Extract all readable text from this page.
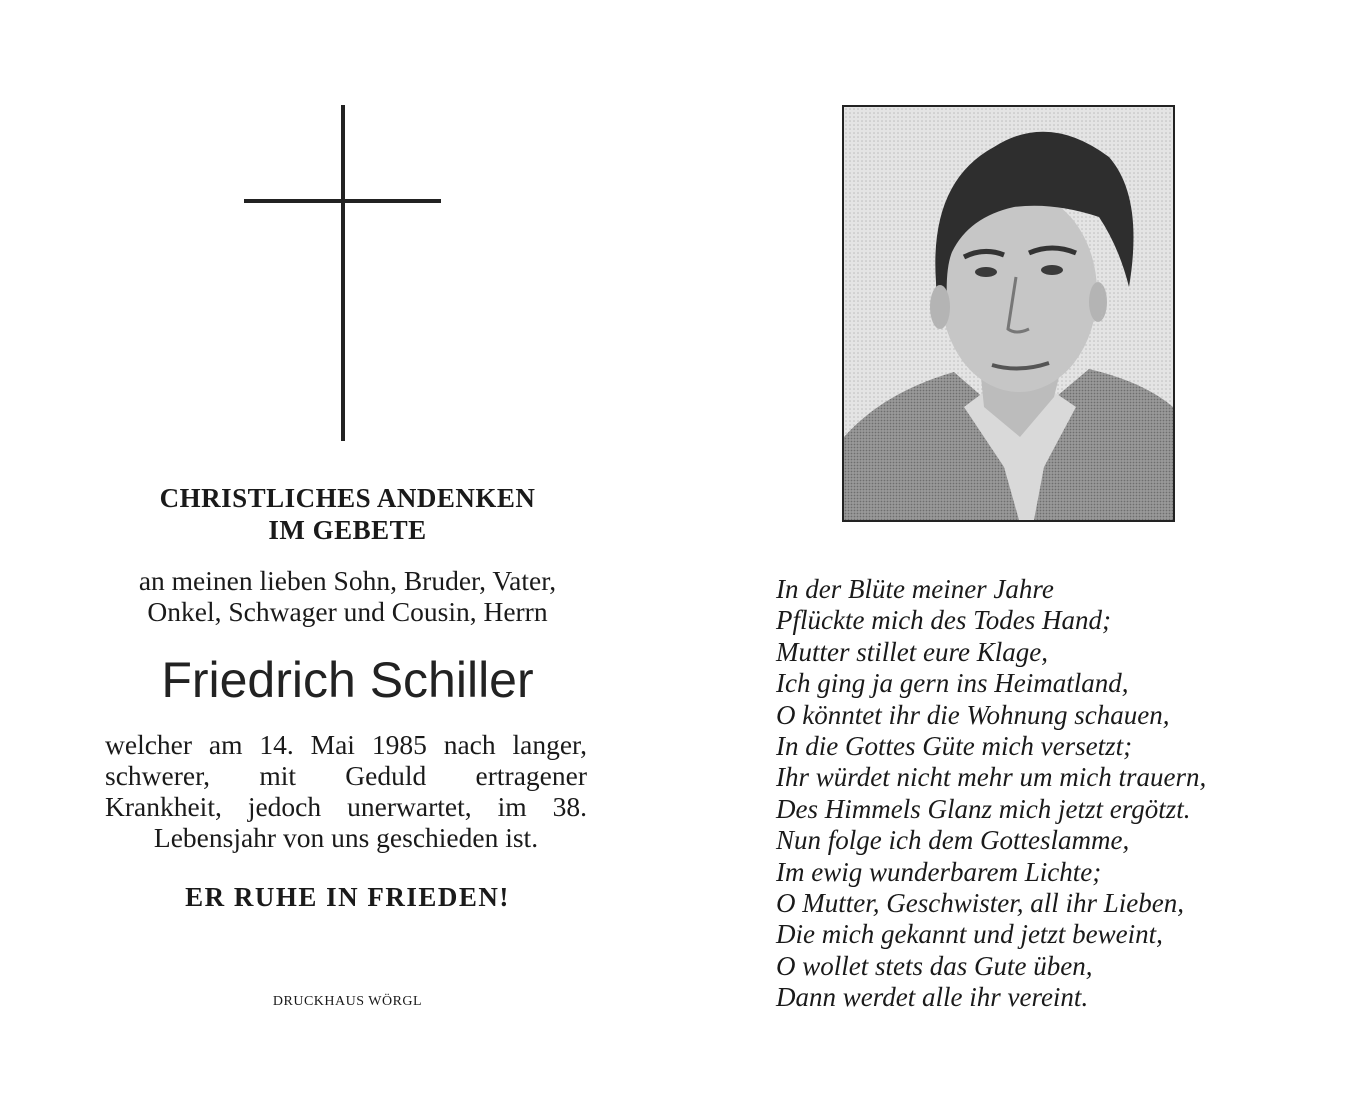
CHRISTLICHES ANDENKEN
IM GEBETE
an meinen lieben Sohn, Bruder, Vater,
Onkel, Schwager und Cousin, Herrn
Friedrich Schiller
welcher am 14. Mai 1985 nach langer,
schwerer, mit Geduld ertragener
Krankheit, jedoch unerwartet, im 38.
Lebensjahr von uns geschieden ist.
ER RUHE IN FRIEDEN!
DRUCKHAUS WÖRGL
In der Blüte meiner Jahre
Pflückte mich des Todes Hand;
Mutter stillet eure Klage,
Ich ging ja gern ins Heimatland,
O könntet ihr die Wohnung schauen,
In die Gottes Güte mich versetzt;
Ihr würdet nicht mehr um mich trauern,
Des Himmels Glanz mich jetzt ergötzt.
Nun folge ich dem Gotteslamme,
Im ewig wunderbarem Lichte;
O Mutter, Geschwister, all ihr Lieben,
Die mich gekannt und jetzt beweint,
O wollet stets das Gute üben,
Dann werdet alle ihr vereint.
